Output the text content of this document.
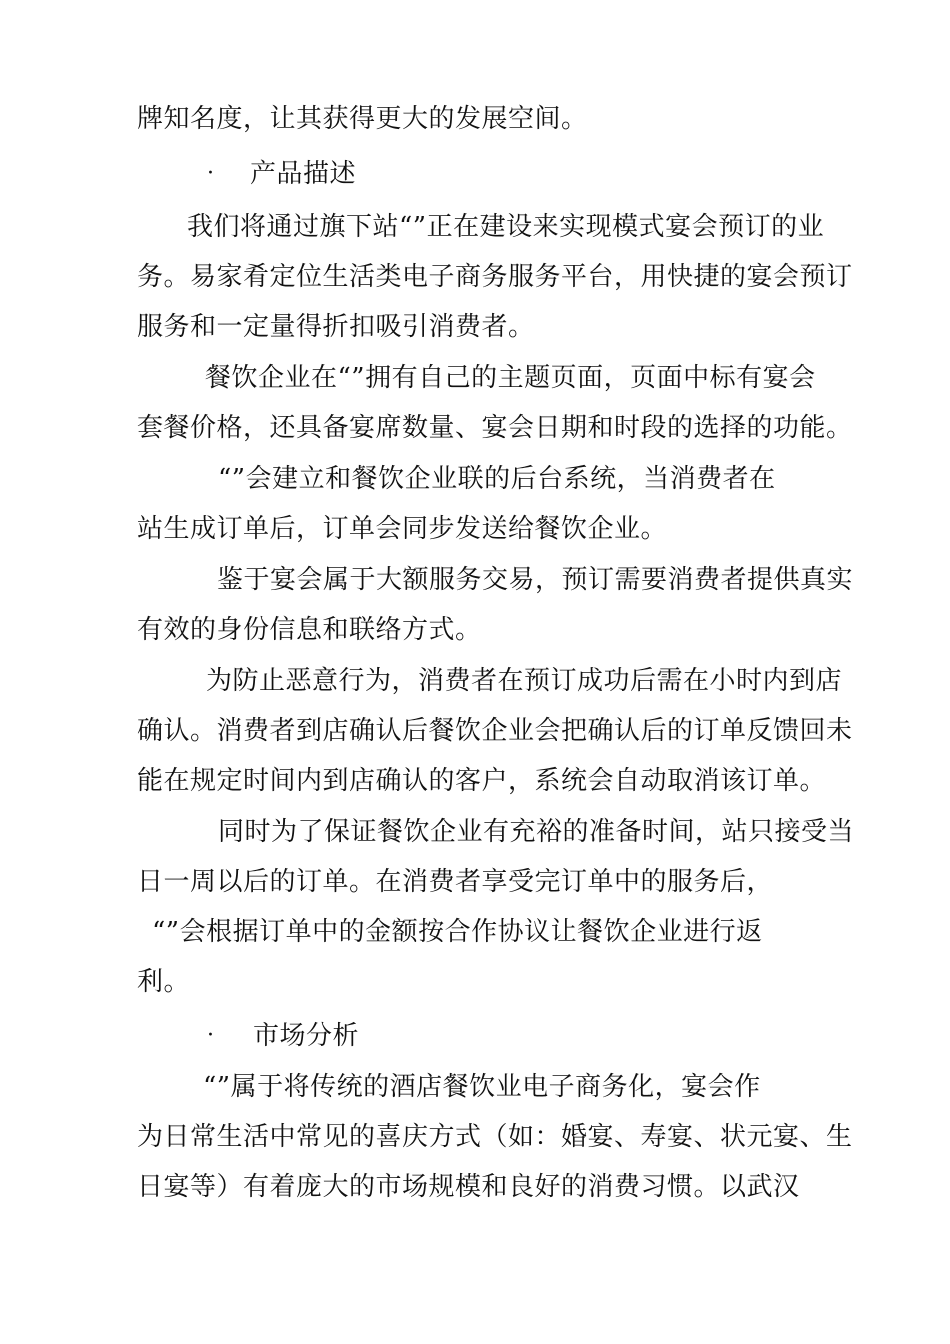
牌知名度，让其获得更大的发展空间。
· 产品描述
我们将通过旗下站“”正在建设来实现模式宴会预订的业
务。易家肴定位生活类电子商务服务平台，用快捷的宴会预订
服务和一定量得折扣吸引消费者。
餐饮企业在“”拥有自己的主题页面，页面中标有宴会
套餐价格，还具备宴席数量、宴会日期和时段的选择的功能。
“”会建立和餐饮企业联的后台系统，当消费者在
站生成订单后，订单会同步发送给餐饮企业。
鉴于宴会属于大额服务交易，预订需要消费者提供真实
有效的身份信息和联络方式。
为防止恶意行为，消费者在预订成功后需在小时内到店
确认。消费者到店确认后餐饮企业会把确认后的订单反馈回未
能在规定时间内到店确认的客户，系统会自动取消该订单。
同时为了保证餐饮企业有充裕的准备时间，站只接受当
日一周以后的订单。在消费者享受完订单中的服务后，
“”会根据订单中的金额按合作协议让餐饮企业进行返
利。
· 市场分析
“”属于将传统的酒店餐饮业电子商务化，宴会作
为日常生活中常见的喜庆方式（如：婚宴、寿宴、状元宴、生
日宴等）有着庞大的市场规模和良好的消费习惯。以武汉
